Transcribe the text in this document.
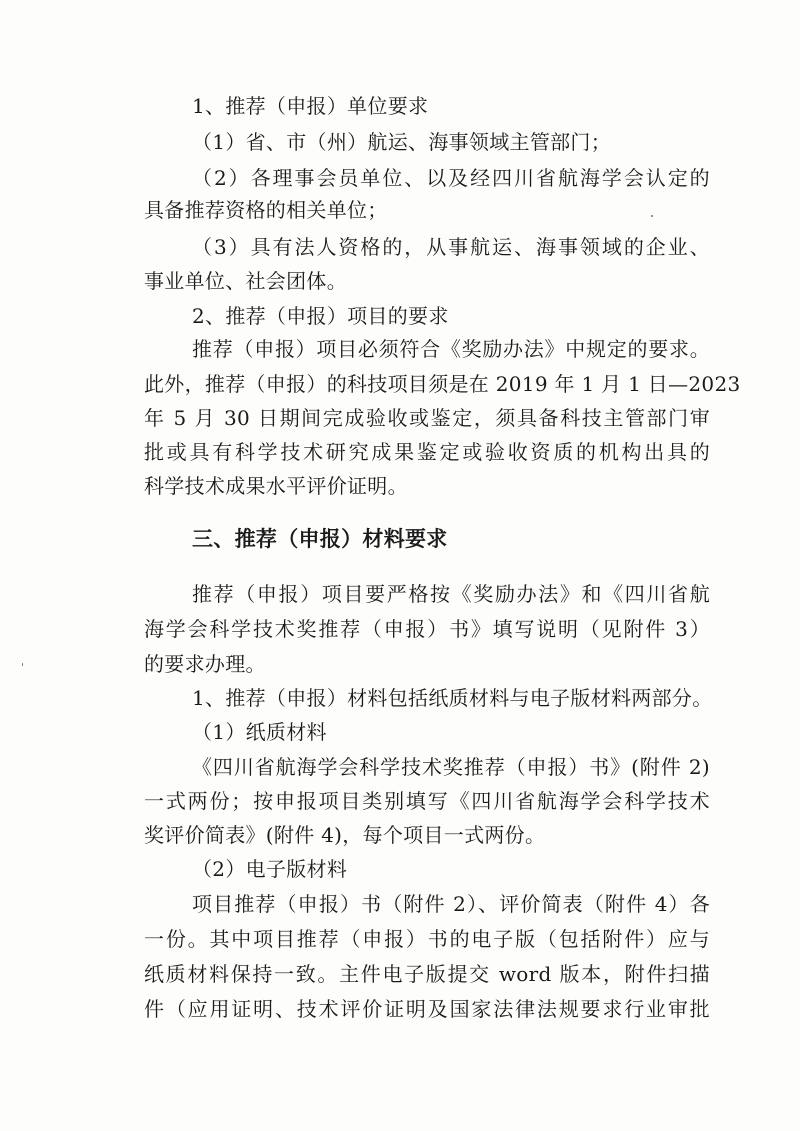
1、推荐（申报）单位要求
（1）省、市（州）航运、海事领域主管部门；
（2）各理事会员单位、以及经四川省航海学会认定的
具备推荐资格的相关单位；
（3）具有法人资格的，从事航运、海事领域的企业、
事业单位、社会团体。
2、推荐（申报）项目的要求
推荐（申报）项目必须符合《奖励办法》中规定的要求。
此外，推荐（申报）的科技项目须是在 2019 年 1 月 1 日—2023
年 5 月 30 日期间完成验收或鉴定，须具备科技主管部门审
批或具有科学技术研究成果鉴定或验收资质的机构出具的
科学技术成果水平评价证明。
三、推荐（申报）材料要求
推荐（申报）项目要严格按《奖励办法》和《四川省航
海学会科学技术奖推荐（申报）书》填写说明（见附件 3）
的要求办理。
1、推荐（申报）材料包括纸质材料与电子版材料两部分。
（1）纸质材料
《四川省航海学会科学技术奖推荐（申报）书》(附件 2)
一式两份；按申报项目类别填写《四川省航海学会科学技术
奖评价简表》(附件 4)，每个项目一式两份。
（2）电子版材料
项目推荐（申报）书（附件 2）、评价简表（附件 4）各
一份。其中项目推荐（申报）书的电子版（包括附件）应与
纸质材料保持一致。主件电子版提交 word 版本，附件扫描
件（应用证明、技术评价证明及国家法律法规要求行业审批
